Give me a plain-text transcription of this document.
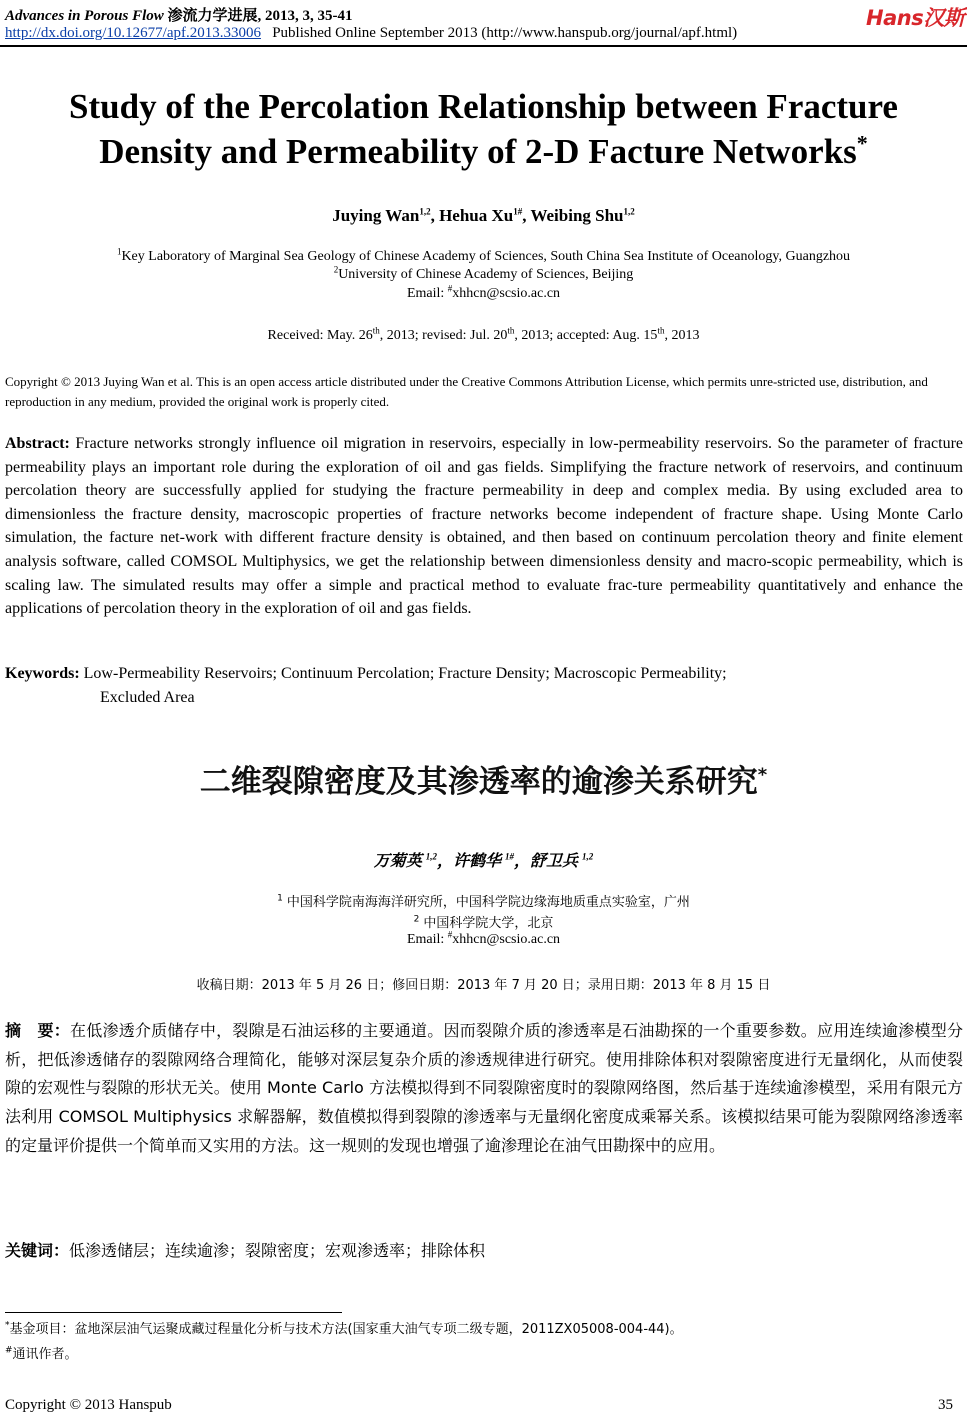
Advances in Porous Flow 渗流力学进展, 2013, 3, 35-41
http://dx.doi.org/10.12677/apf.2013.33006 Published Online September 2013 (http://www.hanspub.org/journal/apf.html)
Hans汉斯
Study of the Percolation Relationship between Fracture
Density and Permeability of 2-D Facture Networks*
Juying Wan$^{1,2}$, Hehua $Xu^{1\#}$, Weibing Shu$^{1,2}$
$^1$Key Laboratory of Marginal Sea Geology of Chinese Academy of Sciences, South China Sea Institute of Oceanology, Guangzhou
$^2$University of Chinese Academy of Sciences, Beijing
Email: #xhhcn@scsio.ac.cn
Received: May. 26th, 2013; revised: Jul. 20th, 2013; accepted: Aug. 15th, 2013
Copyright © 2013 Juying Wan et al. This is an open access article distributed under the Creative Commons Attribution License, which permits unre-stricted use, distribution, and reproduction in any medium, provided the original work is properly cited.
Abstract: Fracture networks strongly influence oil migration in reservoirs, especially in low-permeability reservoirs. So the parameter of fracture permeability plays an important role during the exploration of oil and gas fields. Simplifying the fracture network of reservoirs, and continuum percolation theory are successfully applied for studying the fracture permeability in deep and complex media. By using excluded area to dimensionless the fracture density, macroscopic properties of fracture networks become independent of fracture shape. Using Monte Carlo simulation, the facture net-work with different fracture density is obtained, and then based on continuum percolation theory and finite element analysis software, called COMSOL Multiphysics, we get the relationship between dimensionless density and macro-scopic permeability, which is scaling law. The simulated results may offer a simple and practical method to evaluate frac-ture permeability quantitatively and enhance the applications of percolation theory in the exploration of oil and gas fields.
Keywords: Low-Permeability Reservoirs; Continuum Percolation; Fracture Density; Macroscopic Permeability;
Excluded Area
二维裂隙密度及其渗透率的逾渗关系研究*
万菊英 $^{1,2}$，许鹤华 $^{1\#}$，舒卫兵 $^{1,2}$
$^1$ 中国科学院南海海洋研究所，中国科学院边缘海地质重点实验室，广州
$^2$ 中国科学院大学，北京
Email: #xhhcn@scsio.ac.cn
收稿日期：2013 年 5 月 26 日；修回日期：2013 年 7 月 20 日；录用日期：2013 年 8 月 15 日
摘　要：在低渗透介质储存中，裂隙是石油运移的主要通道。因而裂隙介质的渗透率是石油勘探的一个重要参数。应用连续逾渗模型分析，把低渗透储存的裂隙网络合理简化，能够对深层复杂介质的渗透规律进行研究。使用排除体积对裂隙密度进行无量纲化，从而使裂隙的宏观性与裂隙的形状无关。使用 Monte Carlo 方法模拟得到不同裂隙密度时的裂隙网络图，然后基于连续逾渗模型，采用有限元方法利用 COMSOL Multiphysics 求解器解，数值模拟得到裂隙的渗透率与无量纲化密度成乘幂关系。该模拟结果可能为裂隙网络渗透率的定量评价提供一个简单而又实用的方法。这一规则的发现也增强了逾渗理论在油气田勘探中的应用。
关键词：低渗透储层；连续逾渗；裂隙密度；宏观渗透率；排除体积
*基金项目：盆地深层油气运聚成藏过程量化分析与技术方法(国家重大油气专项二级专题，2011ZX05008-004-44)。
#通讯作者。
Copyright © 2013 Hanspub	35
